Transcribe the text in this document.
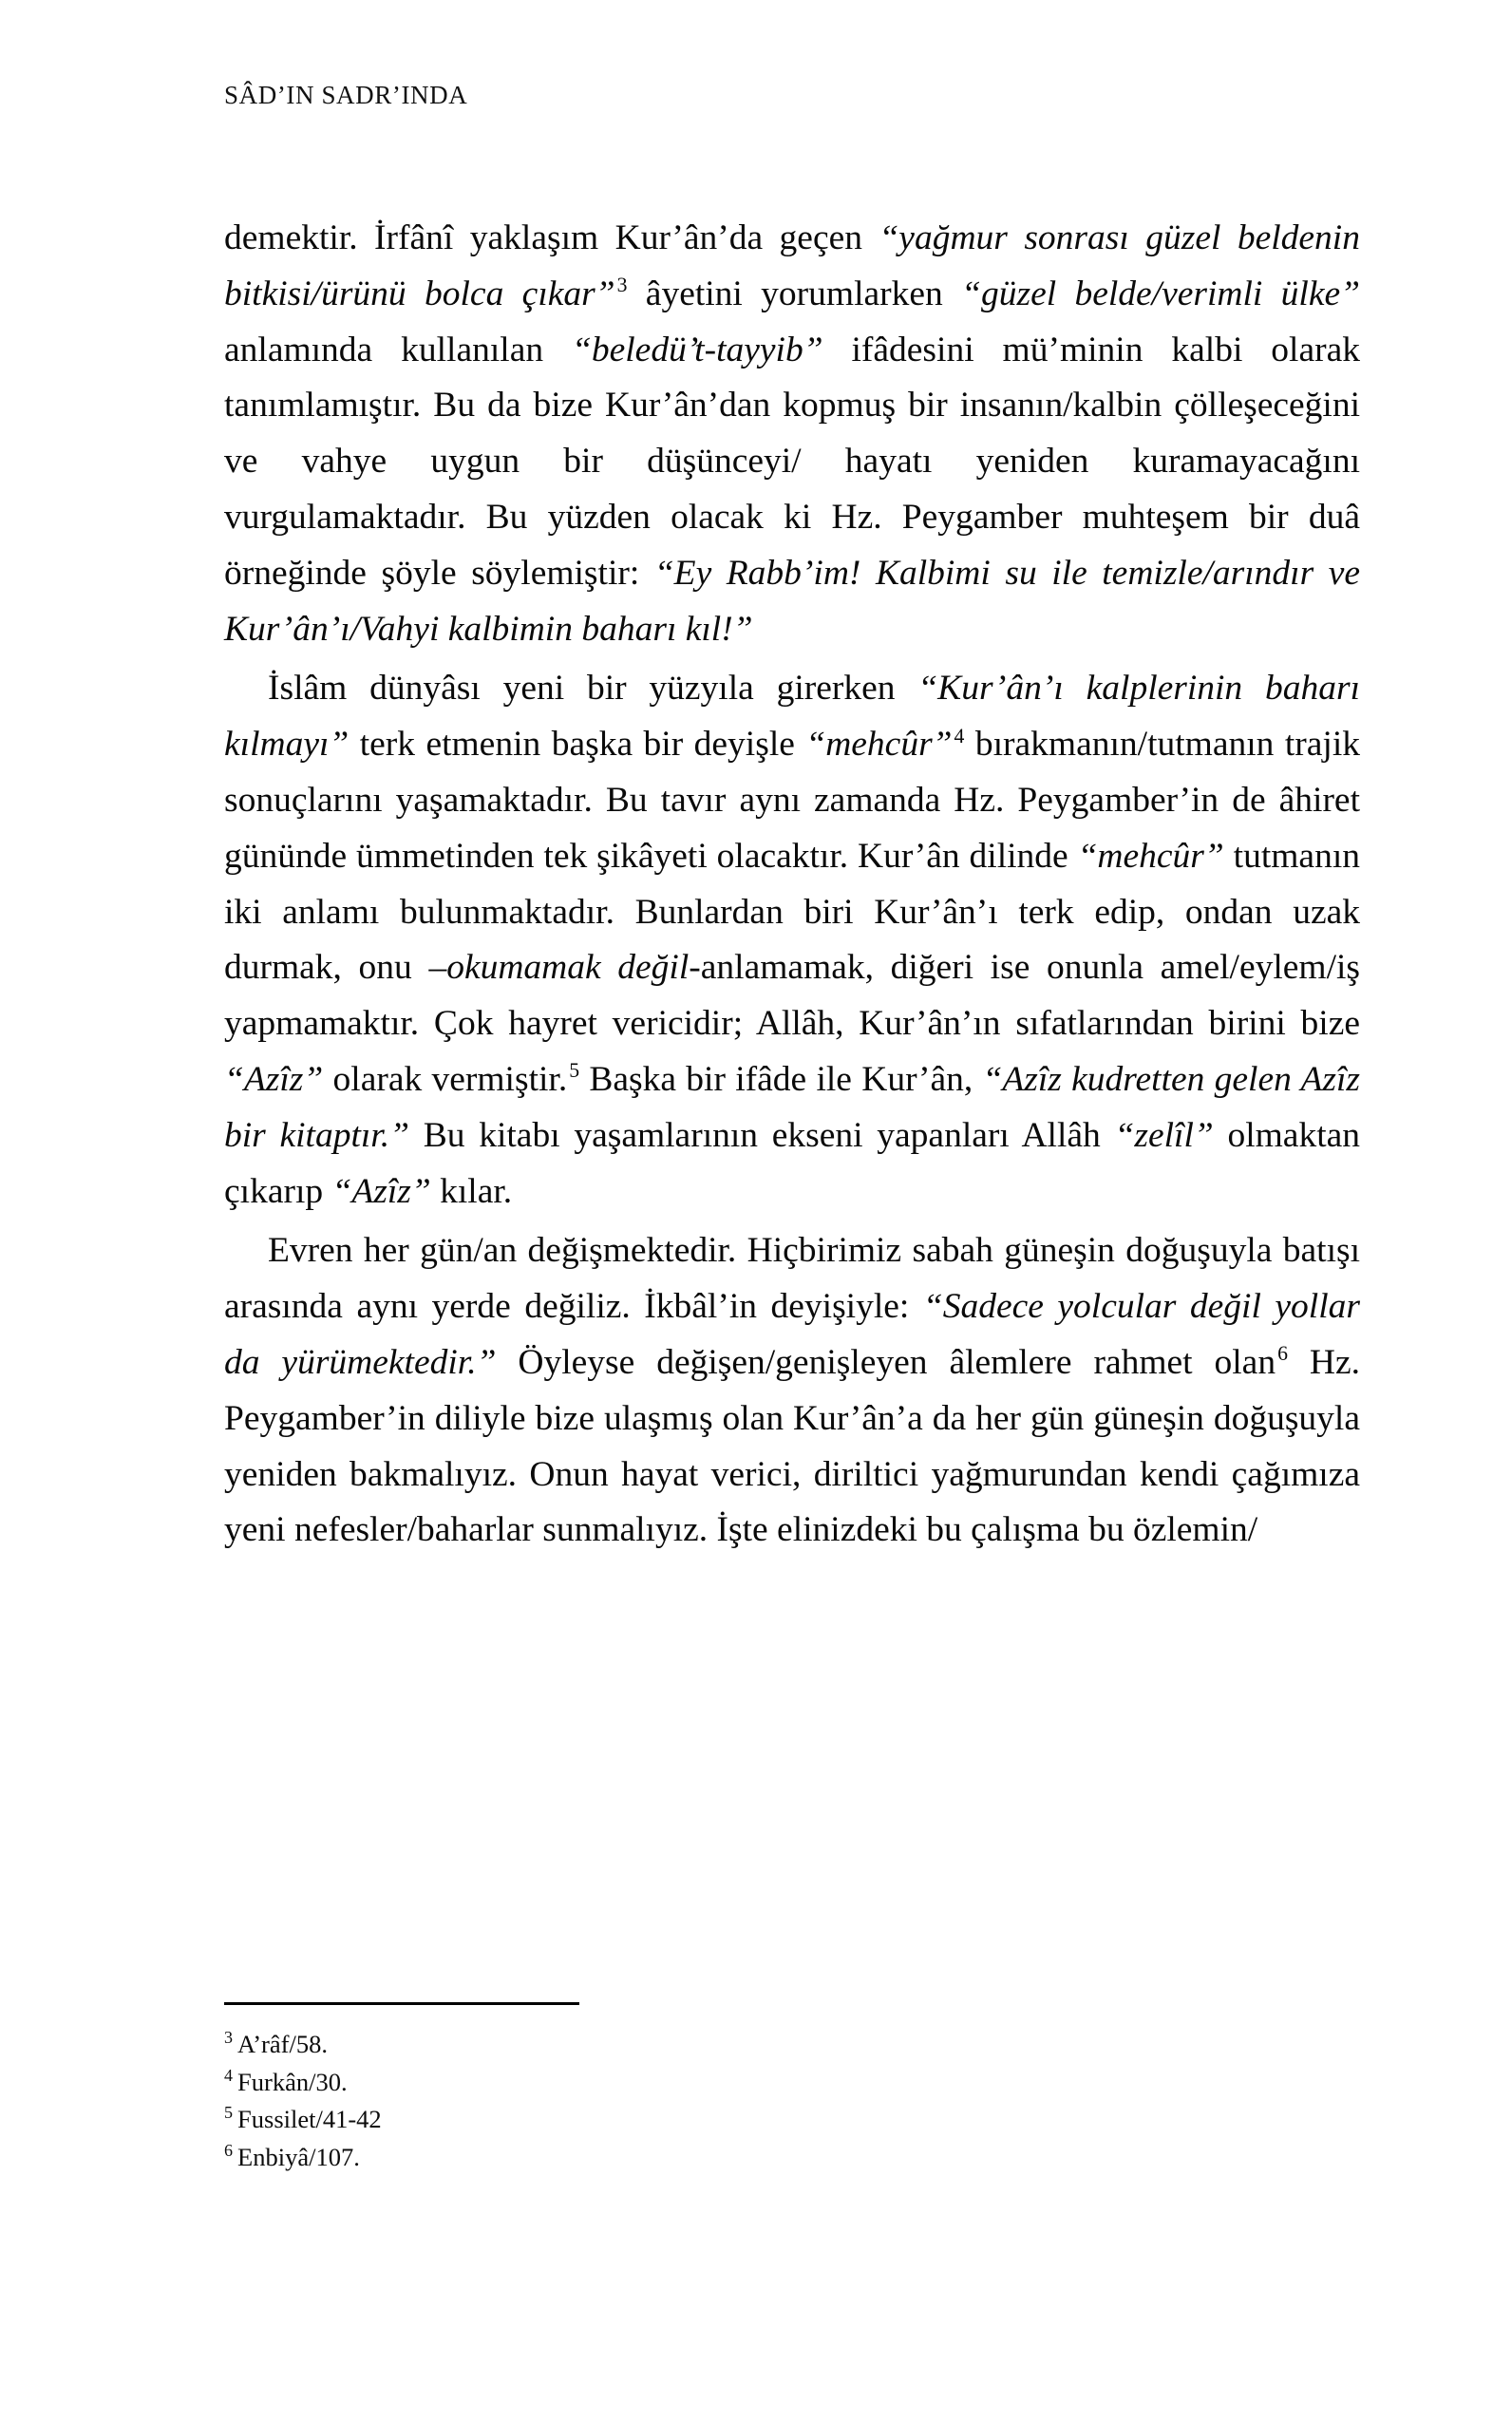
SÂD’IN SADR’INDA

demektir. İrfânî yaklaşım Kur’ân’da geçen “yağmur sonrası güzel beldenin bitkisi/ürünü bolca çıkar”$^3$ âyetini yorumlarken “güzel belde/verimli ülke” anlamında kullanılan “beledü’t-tayyib” ifâdesini mü’minin kalbi olarak tanımlamıştır. Bu da bize Kur’ân’dan kopmuş bir insanın/kalbin çölleşeceğini ve vahye uygun bir düşünceyi/ hayatı yeniden kuramayacağını vurgulamaktadır. Bu yüzden olacak ki Hz. Peygamber muhteşem bir duâ örneğinde şöyle söylemiştir: “Ey Rabb’im! Kalbimi su ile temizle/arındır ve Kur’ân’ı/Vahyi kalbimin baharı kıl!”

İslâm dünyâsı yeni bir yüzyıla girerken “Kur’ân’ı kalplerinin baharı kılmayı” terk etmenin başka bir deyişle “mehcûr”$^4$ bırakmanın/tutmanın trajik sonuçlarını yaşamaktadır. Bu tavır aynı zamanda Hz. Peygamber’in de âhiret gününde ümmetinden tek şikâyeti olacaktır. Kur’ân dilinde “mehcûr” tutmanın iki anlamı bulunmaktadır. Bunlardan biri Kur’ân’ı terk edip, ondan uzak durmak, onu –okumamak değil-anlamamak, diğeri ise onunla amel/eylem/iş yapmamaktır. Çok hayret vericidir; Allâh, Kur’ân’ın sıfatlarından birini bize “Azîz” olarak vermiştir.$^5$ Başka bir ifâde ile Kur’ân, “Azîz kudretten gelen Azîz bir kitaptır.” Bu kitabı yaşamlarının ekseni yapanları Allâh “zelîl” olmaktan çıkarıp “Azîz” kılar.

Evren her gün/an değişmektedir. Hiçbirimiz sabah güneşin doğuşuyla batışı arasında aynı yerde değiliz. İkbâl’in deyişiyle: “Sadece yolcular değil yollar da yürümektedir.” Öyleyse değişen/genişleyen âlemlere rahmet olan$^6$ Hz. Peygamber’in diliyle bize ulaşmış olan Kur’ân’a da her gün güneşin doğuşuyla yeniden bakmalıyız. Onun hayat verici, diriltici yağmurundan kendi çağımıza yeni nefesler/baharlar sunmalıyız. İşte elinizdeki bu çalışma bu özlemin/

$^3$ A’râf/58.
$^4$ Furkân/30.
$^5$ Fussilet/41-42
$^6$ Enbiyâ/107.
